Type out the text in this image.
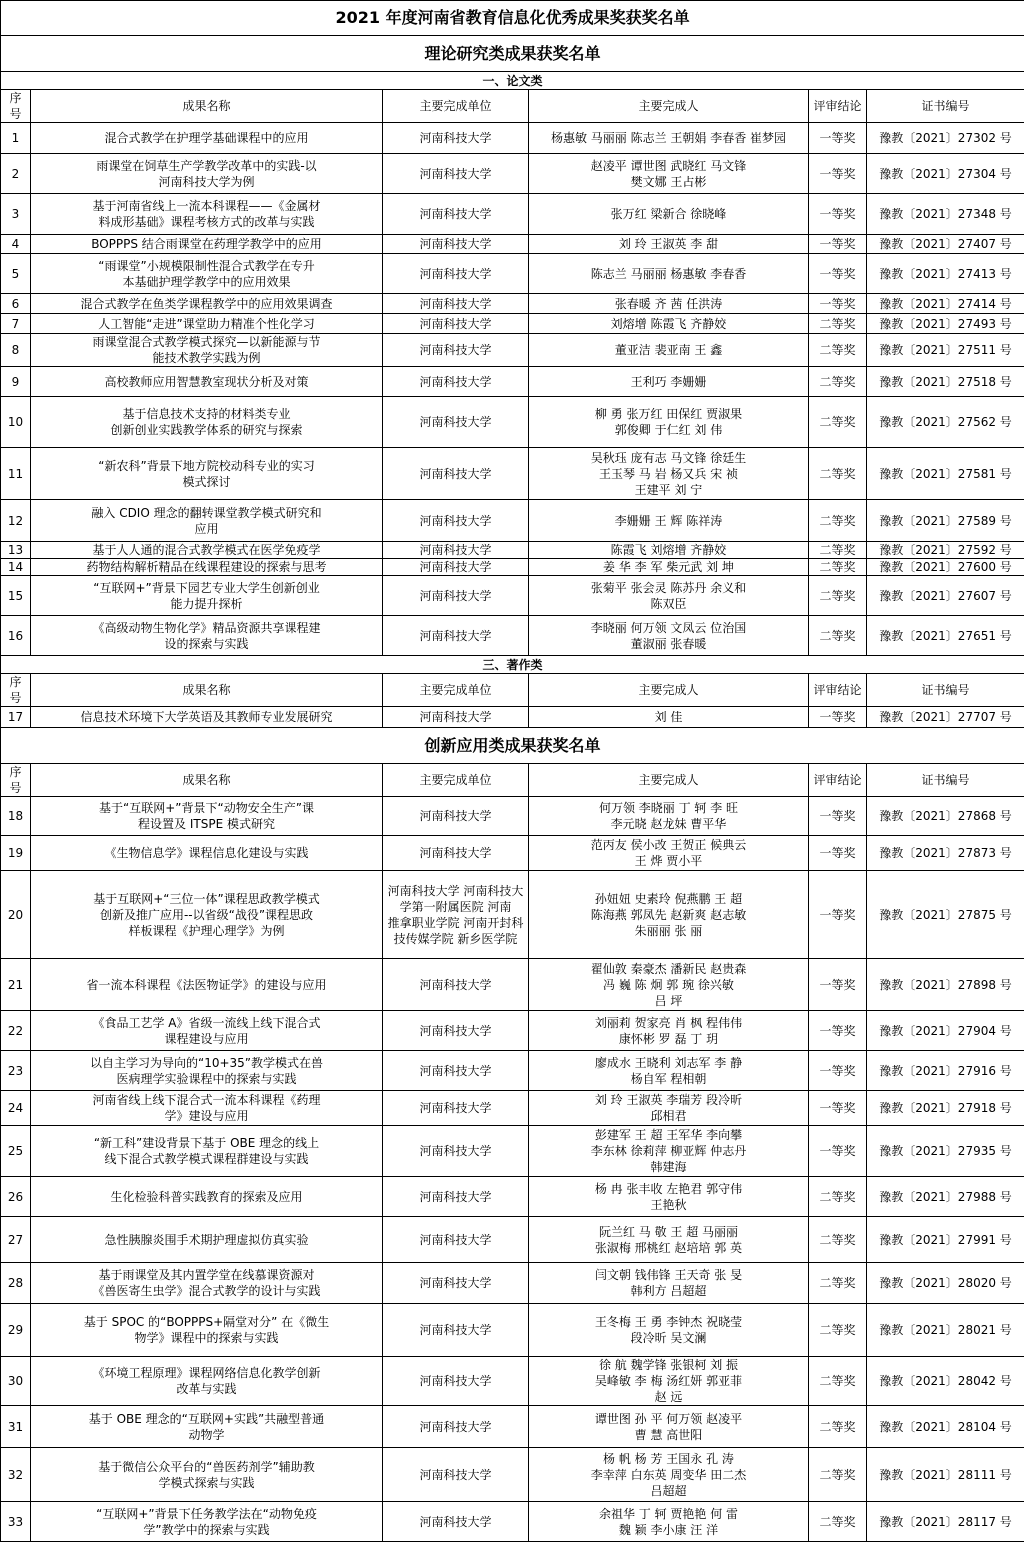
2021 年度河南省教育信息化优秀成果奖获奖名单					
理论研究类成果获奖名单					
一、论文类					
序号	成果名称	主要完成单位	主要完成人	评审结论	证书编号
1	混合式教学在护理学基础课程中的应用	河南科技大学	杨惠敏 马丽丽 陈志兰 王朝娟 李春香 崔梦园	一等奖	豫教〔2021〕27302 号
2	雨课堂在饲草生产学教学改革中的实践-以
河南科技大学为例	河南科技大学	赵凌平 谭世图 武晓红 马文锋
樊文娜 王占彬	一等奖	豫教〔2021〕27304 号
3	基于河南省线上一流本科课程——《金属材
料成形基础》课程考核方式的改革与实践	河南科技大学	张万红 梁新合 徐晓峰	一等奖	豫教〔2021〕27348 号
4	BOPPPS 结合雨课堂在药理学教学中的应用	河南科技大学	刘 玲 王淑英 李 甜	一等奖	豫教〔2021〕27407 号
5	“雨课堂”小规模限制性混合式教学在专升
本基础护理学教学中的应用效果	河南科技大学	陈志兰 马丽丽 杨惠敏 李春香	一等奖	豫教〔2021〕27413 号
6	混合式教学在鱼类学课程教学中的应用效果调查	河南科技大学	张春暖 齐 茜 任洪涛	一等奖	豫教〔2021〕27414 号
7	人工智能“走进”课堂助力精准个性化学习	河南科技大学	刘熔增 陈霞飞 齐静姣	二等奖	豫教〔2021〕27493 号
8	雨课堂混合式教学模式探究—以新能源与节
能技术教学实践为例	河南科技大学	董亚洁 裴亚南 王 鑫	二等奖	豫教〔2021〕27511 号
9	高校教师应用智慧教室现状分析及对策	河南科技大学	王利巧 李姗姗	二等奖	豫教〔2021〕27518 号
10	基于信息技术支持的材料类专业
创新创业实践教学体系的研究与探索	河南科技大学	柳 勇 张万红 田保红 贾淑果
郭俊卿 于仁红 刘 伟	二等奖	豫教〔2021〕27562 号
11	“新农科”背景下地方院校动科专业的实习
模式探讨	河南科技大学	吴秋珏 庞有志 马文锋 徐廷生
王玉琴 马 岩 杨又兵 宋 祯
王建平 刘 宁	二等奖	豫教〔2021〕27581 号
12	融入 CDIO 理念的翻转课堂教学模式研究和
应用	河南科技大学	李姗姗 王 辉 陈祥涛	二等奖	豫教〔2021〕27589 号
13	基于人人通的混合式教学模式在医学免疫学	河南科技大学	陈霞飞 刘熔增 齐静姣	二等奖	豫教〔2021〕27592 号
14	药物结构解析精品在线课程建设的探索与思考	河南科技大学	姜 华 李 军 柴元武 刘 坤	二等奖	豫教〔2021〕27600 号
15	“互联网+”背景下园艺专业大学生创新创业
能力提升探析	河南科技大学	张菊平 张会灵 陈苏丹 余义和
陈双臣	二等奖	豫教〔2021〕27607 号
16	《高级动物生物化学》精品资源共享课程建
设的探索与实践	河南科技大学	李晓丽 何万领 文凤云 位治国
董淑丽 张春暖	二等奖	豫教〔2021〕27651 号
三、著作类					
序号	成果名称	主要完成单位	主要完成人	评审结论	证书编号
17	信息技术环境下大学英语及其教师专业发展研究	河南科技大学	刘 佳	一等奖	豫教〔2021〕27707 号
创新应用类成果获奖名单					
序号	成果名称	主要完成单位	主要完成人	评审结论	证书编号
18	基于“互联网+”背景下“动物安全生产”课
程设置及 ITSPE 模式研究	河南科技大学	何万领 李晓丽 丁 轲 李 旺
李元晓 赵龙妹 曹平华	一等奖	豫教〔2021〕27868 号
19	《生物信息学》课程信息化建设与实践	河南科技大学	范丙友 侯小改 王贺正 候典云
王 烨 贾小平	一等奖	豫教〔2021〕27873 号
20	基于互联网+“三位一体”课程思政教学模式
创新及推广应用--以省级“战役”课程思政
样板课程《护理心理学》为例	河南科技大学 河南科技大
学第一附属医院 河南
推拿职业学院 河南开封科
技传媒学院 新乡医学院	孙妞妞 史素玲 倪燕鹏 王 超
陈海燕 郭凤先 赵新爽 赵志敏
朱丽丽 张 丽	一等奖	豫教〔2021〕27875 号
21	省一流本科课程《法医物证学》的建设与应用	河南科技大学	翟仙敦 秦豪杰 潘新民 赵贵森
冯 巍 陈 炯 郭 琬 徐兴敏
吕 坪	一等奖	豫教〔2021〕27898 号
22	《食品工艺学 A》省级一流线上线下混合式
课程建设与应用	河南科技大学	刘丽莉 贺家亮 肖 枫 程伟伟
康怀彬 罗 磊 丁 玥	一等奖	豫教〔2021〕27904 号
23	以自主学习为导向的“10+35”教学模式在兽
医病理学实验课程中的探索与实践	河南科技大学	廖成水 王晓利 刘志军 李 静
杨自军 程相朝	一等奖	豫教〔2021〕27916 号
24	河南省线上线下混合式一流本科课程《药理
学》建设与应用	河南科技大学	刘 玲 王淑英 李瑞芳 段冷昕
邱相君	一等奖	豫教〔2021〕27918 号
25	“新工科”建设背景下基于 OBE 理念的线上
线下混合式教学模式课程群建设与实践	河南科技大学	彭建军 王 超 王军华 李向攀
李东林 徐莉萍 柳亚辉 仲志丹
韩建海	一等奖	豫教〔2021〕27935 号
26	生化检验科普实践教育的探索及应用	河南科技大学	杨 冉 张丰收 左艳君 郭守伟
王艳秋	二等奖	豫教〔2021〕27988 号
27	急性胰腺炎围手术期护理虚拟仿真实验	河南科技大学	阮兰红 马 敬 王 超 马丽丽
张淑梅 邢桃红 赵培培 郭 英	二等奖	豫教〔2021〕27991 号
28	基于雨课堂及其内置学堂在线慕课资源对
《兽医寄生虫学》混合式教学的设计与实践	河南科技大学	闫文朝 钱伟锋 王天奇 张 旻
韩利方 吕超超	二等奖	豫教〔2021〕28020 号
29	基于 SPOC 的“BOPPPS+隔堂对分” 在《微生
物学》课程中的探索与实践	河南科技大学	王冬梅 王 勇 李钟杰 祝晓莹
段冷昕 吴文澜	二等奖	豫教〔2021〕28021 号
30	《环境工程原理》课程网络信息化教学创新
改革与实践	河南科技大学	徐 航 魏学锋 张银柯 刘 振
吴峰敏 李 梅 汤红妍 郭亚菲
赵 远	二等奖	豫教〔2021〕28042 号
31	基于 OBE 理念的“互联网+实践”共融型普通
动物学	河南科技大学	谭世图 孙 平 何万领 赵凌平
曹 慧 高世阳	二等奖	豫教〔2021〕28104 号
32	基于微信公众平台的“兽医药剂学”辅助教
学模式探索与实践	河南科技大学	杨 帆 杨 芳 王国永 孔 涛
李幸萍 白东英 周变华 田二杰
吕超超	二等奖	豫教〔2021〕28111 号
33	“互联网+”背景下任务教学法在“动物免疫
学”教学中的探索与实践	河南科技大学	余祖华 丁 轲 贾艳艳 何 雷
魏 颖 李小康 汪 洋	二等奖	豫教〔2021〕28117 号
